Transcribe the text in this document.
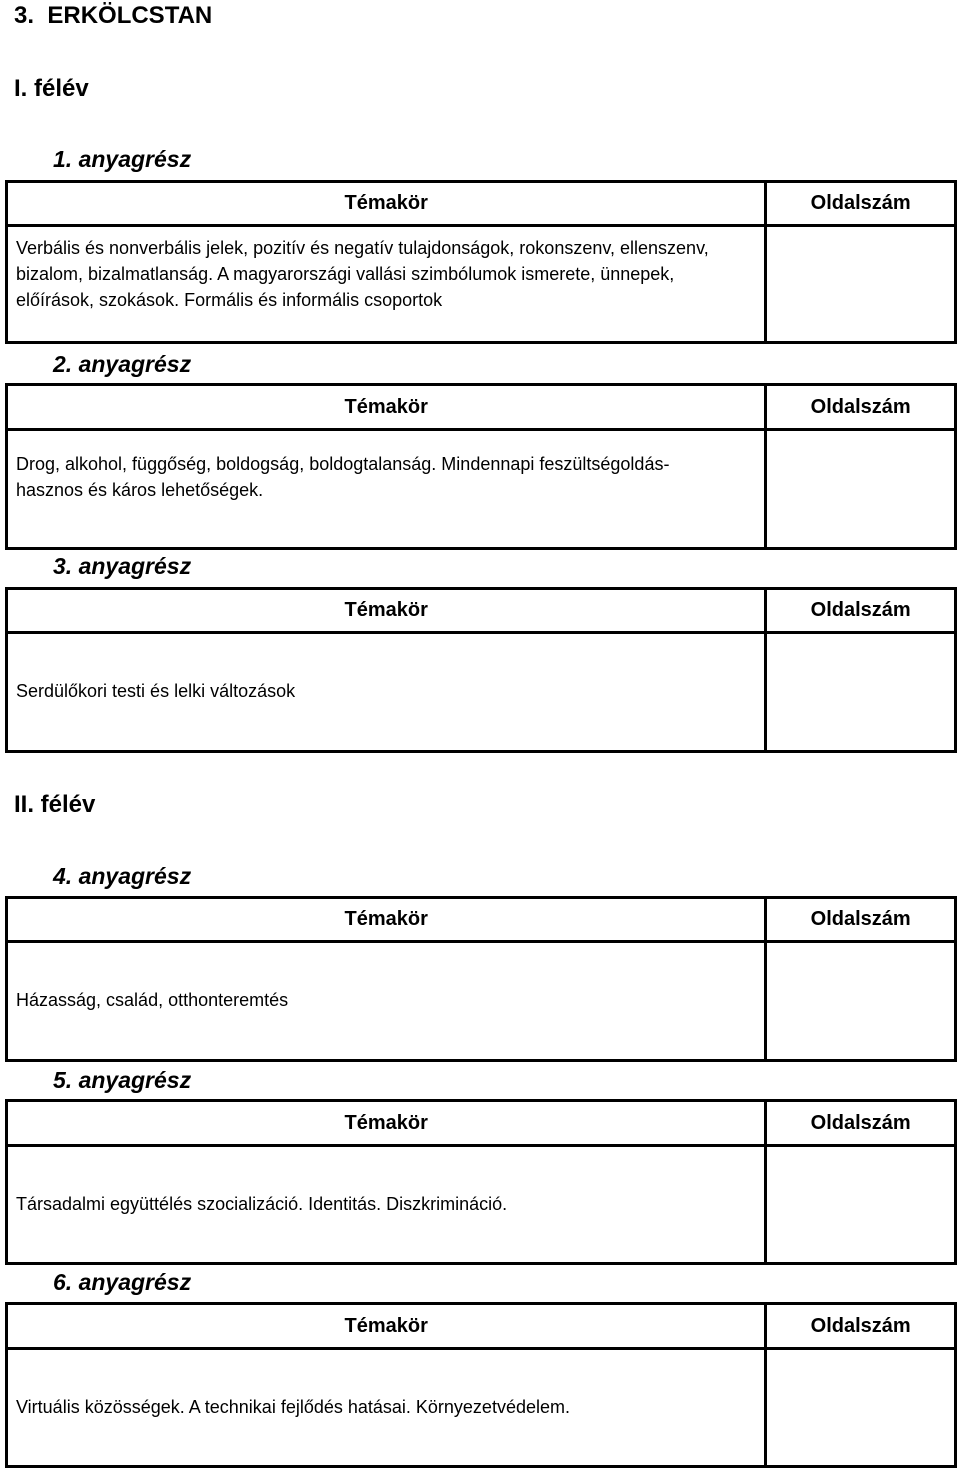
3.  ERKÖLCSTAN
I. félév
II. félév
1. anyagrész
Témakör	Oldalszám

Verbális és nonverbális jelek, pozitív és negatív tulajdonságok, rokonszenv, ellenszenv, bizalom, bizalmatlanság. A magyarországi vallási szimbólumok ismerete, ünnepek, előírások, szokások. Formális és informális csoportok	

2. anyagrész
Témakör	Oldalszám

Drog, alkohol, függőség, boldogság, boldogtalanság. Mindennapi feszültségoldás- hasznos és káros lehetőségek.	

3. anyagrész
Témakör	Oldalszám

Serdülőkori testi és lelki változások	

4. anyagrész
Témakör	Oldalszám

Házasság, család, otthonteremtés	

5. anyagrész
Témakör	Oldalszám

Társadalmi együttélés szocializáció. Identitás. Diszkrimináció.	

6. anyagrész
Témakör	Oldalszám

Virtuális közösségek. A technikai fejlődés hatásai. Környezetvédelem.	
